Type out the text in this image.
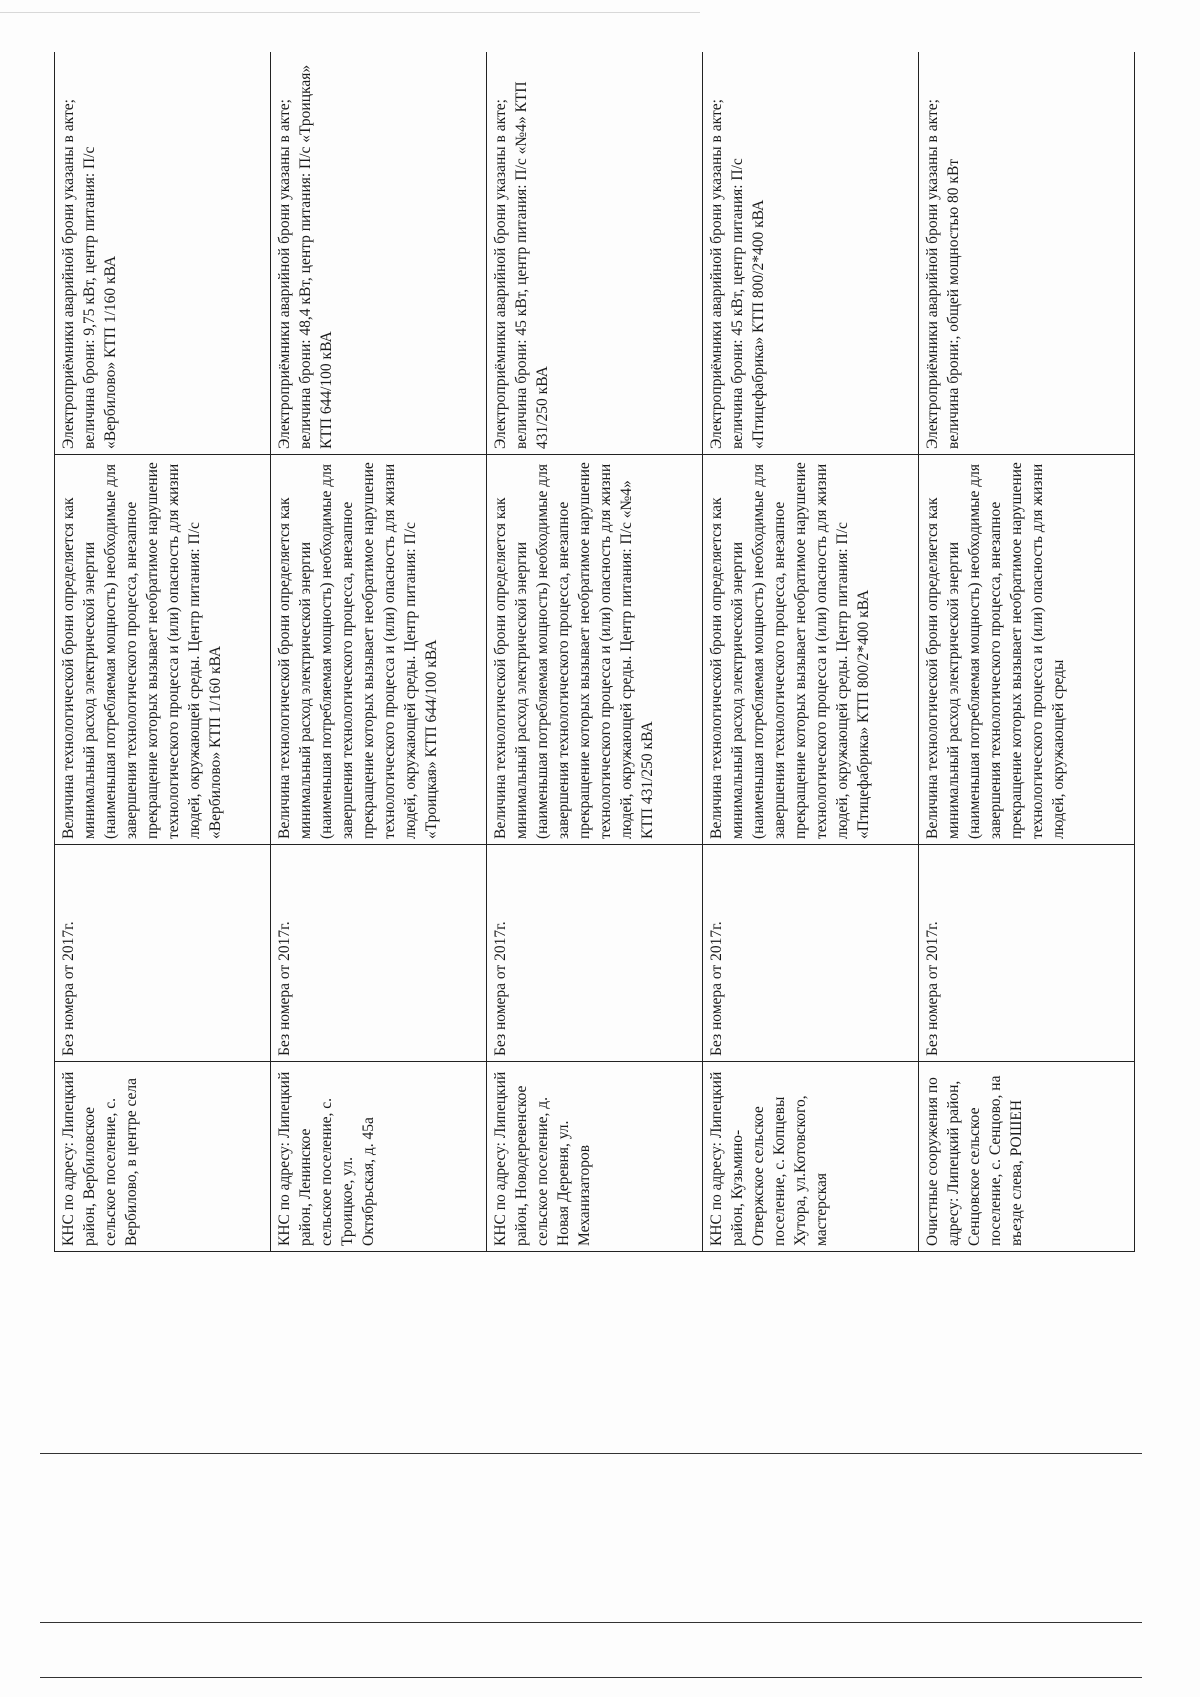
КНС по адресу: Липецкий район, Вербиловское сельское поселение, с. Вербилово, в центре села	Без номера от 2017г.	Величина технологической брони определяется как минимальный расход электрической энергии (наименьшая потребляемая мощность) необходимые для завершения технологического процесса, внезапное прекращение которых вызывает необратимое нарушение технологического процесса и (или) опасность для жизни людей, окружающей среды. Центр питания: П/с «Вербилово» КТП 1/160 кВА	Электроприёмники аварийной брони указаны в акте; величина брони: 9,75 кВт, центр питания: П/с «Вербилово» КТП 1/160 кВА
КНС по адресу: Липецкий район, Ленинское сельское поселение, с. Троицкое, ул. Октябрьская, д. 45а	Без номера от 2017г.	Величина технологической брони определяется как минимальный расход электрической энергии (наименьшая потребляемая мощность) необходимые для завершения технологического процесса, внезапное прекращение которых вызывает необратимое нарушение технологического процесса и (или) опасность для жизни людей, окружающей среды. Центр питания: П/с «Троицкая» КТП 644/100 кВА	Электроприёмники аварийной брони указаны в акте; величина брони: 48,4 кВт, центр питания: П/с «Троицкая» КТП 644/100 кВА
КНС по адресу: Липецкий район, Новодеревенское сельское поселение, д. Новая Деревня, ул. Механизаторов	Без номера от 2017г.	Величина технологической брони определяется как минимальный расход электрической энергии (наименьшая потребляемая мощность) необходимые для завершения технологического процесса, внезапное прекращение которых вызывает необратимое нарушение технологического процесса и (или) опасность для жизни людей, окружающей среды. Центр питания: П/с «№4» КТП 431/250 кВА	Электроприёмники аварийной брони указаны в акте; величина брони: 45 кВт, центр питания: П/с «№4» КТП 431/250 кВА
КНС по адресу: Липецкий район, Кузьмино-Отвержское сельское поселение, с. Копцевы Хутора, ул.Котовского, мастерская	Без номера от 2017г.	Величина технологической брони определяется как минимальный расход электрической энергии (наименьшая потребляемая мощность) необходимые для завершения технологического процесса, внезапное прекращение которых вызывает необратимое нарушение технологического процесса и (или) опасность для жизни людей, окружающей среды. Центр питания: П/с «Птицефабрика» КТП 800/2*400 кВА	Электроприёмники аварийной брони указаны в акте; величина брони: 45 кВт, центр питания: П/с «Птицефабрика» КТП 800/2*400 кВА
Очистные сооружения по адресу: Липецкий район, Сенцовское сельское поселение, с. Сенцово, на въезде слева, РОШЕН	Без номера от 2017г.	Величина технологической брони определяется как минимальный расход электрической энергии (наименьшая потребляемая мощность) необходимые для завершения технологического процесса, внезапное прекращение которых вызывает необратимое нарушение технологического процесса и (или) опасность для жизни людей, окружающей среды	Электроприёмники аварийной брони указаны в акте; величина брони:, общей мощностью 80 кВт
